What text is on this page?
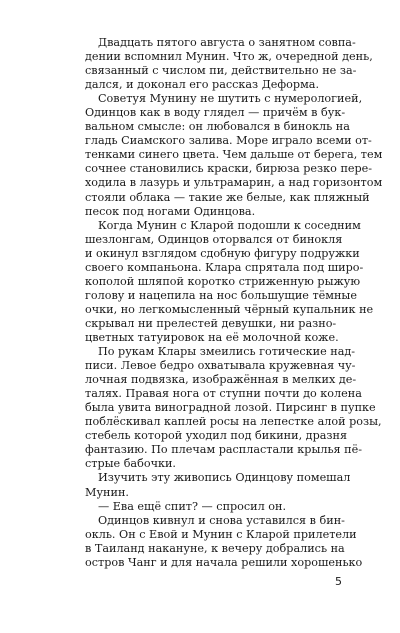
Двадцать пятого августа о занятном совпа-
дении вспомнил Мунин. Что ж, очередной день,
связанный с числом пи, действительно не за-
дался, и доконал его рассказ Деформа.
Советуя Мунину не шутить с нумерологией,
Одинцов как в воду глядел — причём в бук-
вальном смысле: он любовался в бинокль на
гладь Сиамского залива. Море играло всеми от-
тенками синего цвета. Чем дальше от берега, тем
сочнее становились краски, бирюза резко пере-
ходила в лазурь и ультрамарин, а над горизонтом
стояли облака — такие же белые, как пляжный
песок под ногами Одинцова.
Когда Мунин с Кларой подошли к соседним
шезлонгам, Одинцов оторвался от бинокля
и окинул взглядом сдобную фигуру подружки
своего компаньона. Клара спрятала под широ-
кополой шляпой коротко стриженную рыжую
голову и нацепила на нос большущие тёмные
очки, но легкомысленный чёрный купальник не
скрывал ни прелестей девушки, ни разно-
цветных татуировок на её молочной коже.
По рукам Клары змеились готические над-
писи. Левое бедро охватывала кружевная чу-
лочная подвязка, изображённая в мелких де-
талях. Правая нога от ступни почти до колена
была увита виноградной лозой. Пирсинг в пупке
поблёскивал каплей росы на лепестке алой розы,
стебель которой уходил под бикини, дразня
фантазию. По плечам распластали крылья пё-
стрые бабочки.
Изучить эту живопись Одинцову помешал
Мунин.
— Ева ещё спит? — спросил он.
Одинцов кивнул и снова уставился в бин-
окль. Он с Евой и Мунин с Кларой прилетели
в Таиланд накануне, к вечеру добрались на
остров Чанг и для начала решили хорошенько
5
